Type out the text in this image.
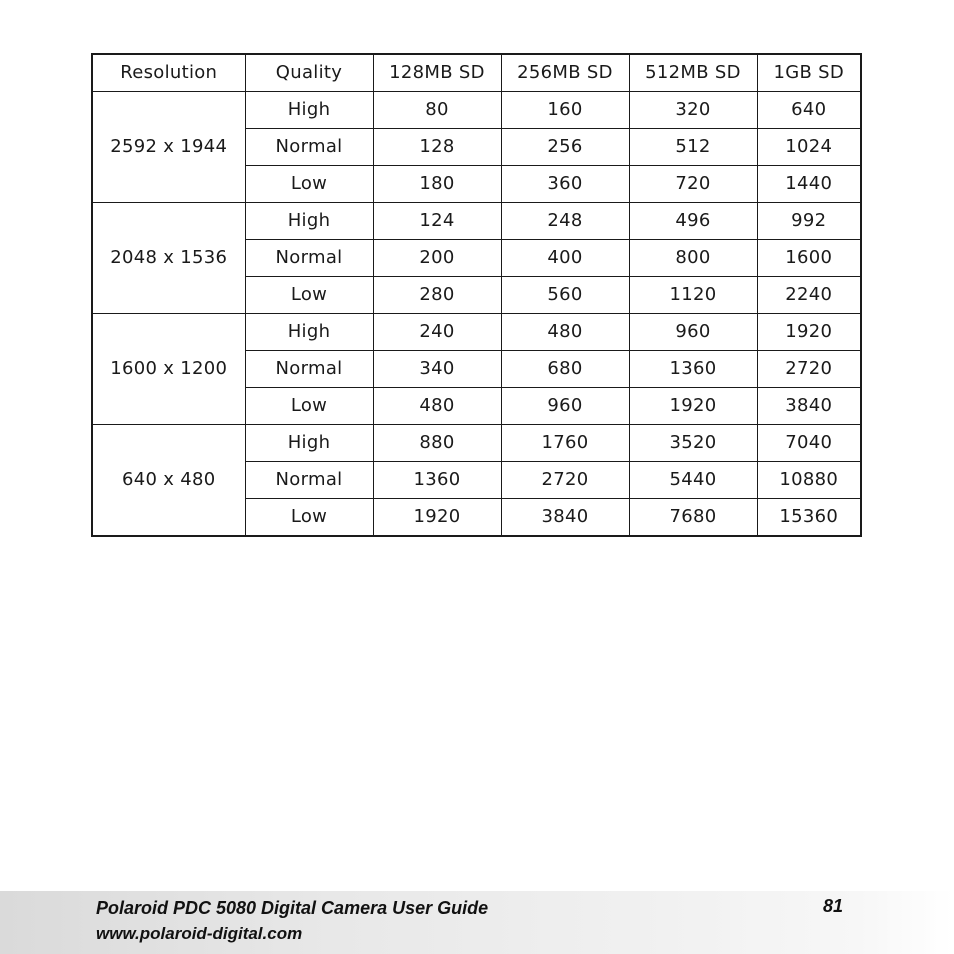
Resolution	Quality	128MB SD	256MB SD	512MB SD	1GB SD
2592 x 1944	High	80	160	320	640
	Normal	128	256	512	1024
	Low	180	360	720	1440
2048 x 1536	High	124	248	496	992
	Normal	200	400	800	1600
	Low	280	560	1120	2240
1600 x 1200	High	240	480	960	1920
	Normal	340	680	1360	2720
	Low	480	960	1920	3840
640 x 480	High	880	1760	3520	7040
	Normal	1360	2720	5440	10880
	Low	1920	3840	7680	15360
Polaroid PDC 5080 Digital Camera User Guide
www.polaroid-digital.com
81
